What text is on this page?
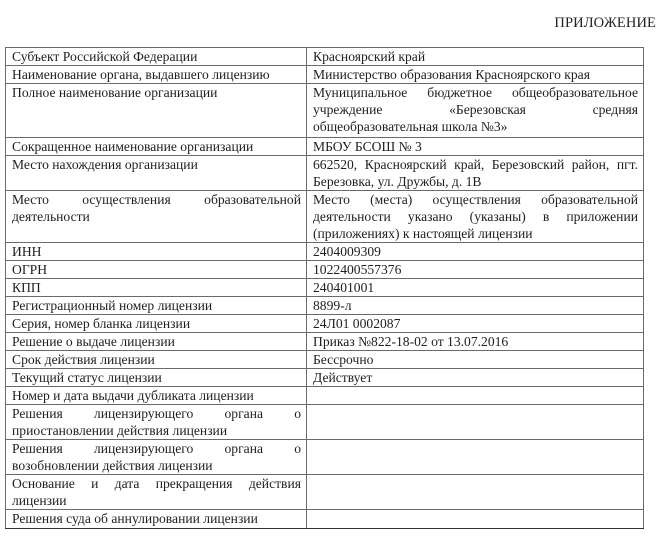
ПРИЛОЖЕНИЕ
Субъект Российской Федерации	Красноярский край

Наименование органа, выдавшего лицензию	Министерство образования Красноярского края

Полное наименование организации	Муниципальное бюджетное общеобразовательное учреждение «Березовская средняя общеобразовательная школа №3»

Сокращенное наименование организации	МБОУ БСОШ № 3

Место нахождения организации	662520, Красноярский край, Березовский район, пгт. Березовка, ул. Дружбы, д. 1В

Место осуществления образовательной деятельности	Место (места) осуществления образовательной деятельности указано (указаны) в приложении (приложениях) к настоящей лицензии

ИНН	2404009309

ОГРН	1022400557376

КПП	240401001

Регистрационный номер лицензии	8899-л

Серия, номер бланка лицензии	24Л01 0002087

Решение о выдаче лицензии	Приказ №822-18-02 от 13.07.2016

Срок действия лицензии	Бессрочно

Текущий статус лицензии	Действует

Номер и дата выдачи дубликата лицензии	

Решения лицензирующего органа о приостановлении действия лицензии	

Решения лицензирующего органа о возобновлении действия лицензии	

Основание и дата прекращения действия лицензии	

Решения суда об аннулировании лицензии	
